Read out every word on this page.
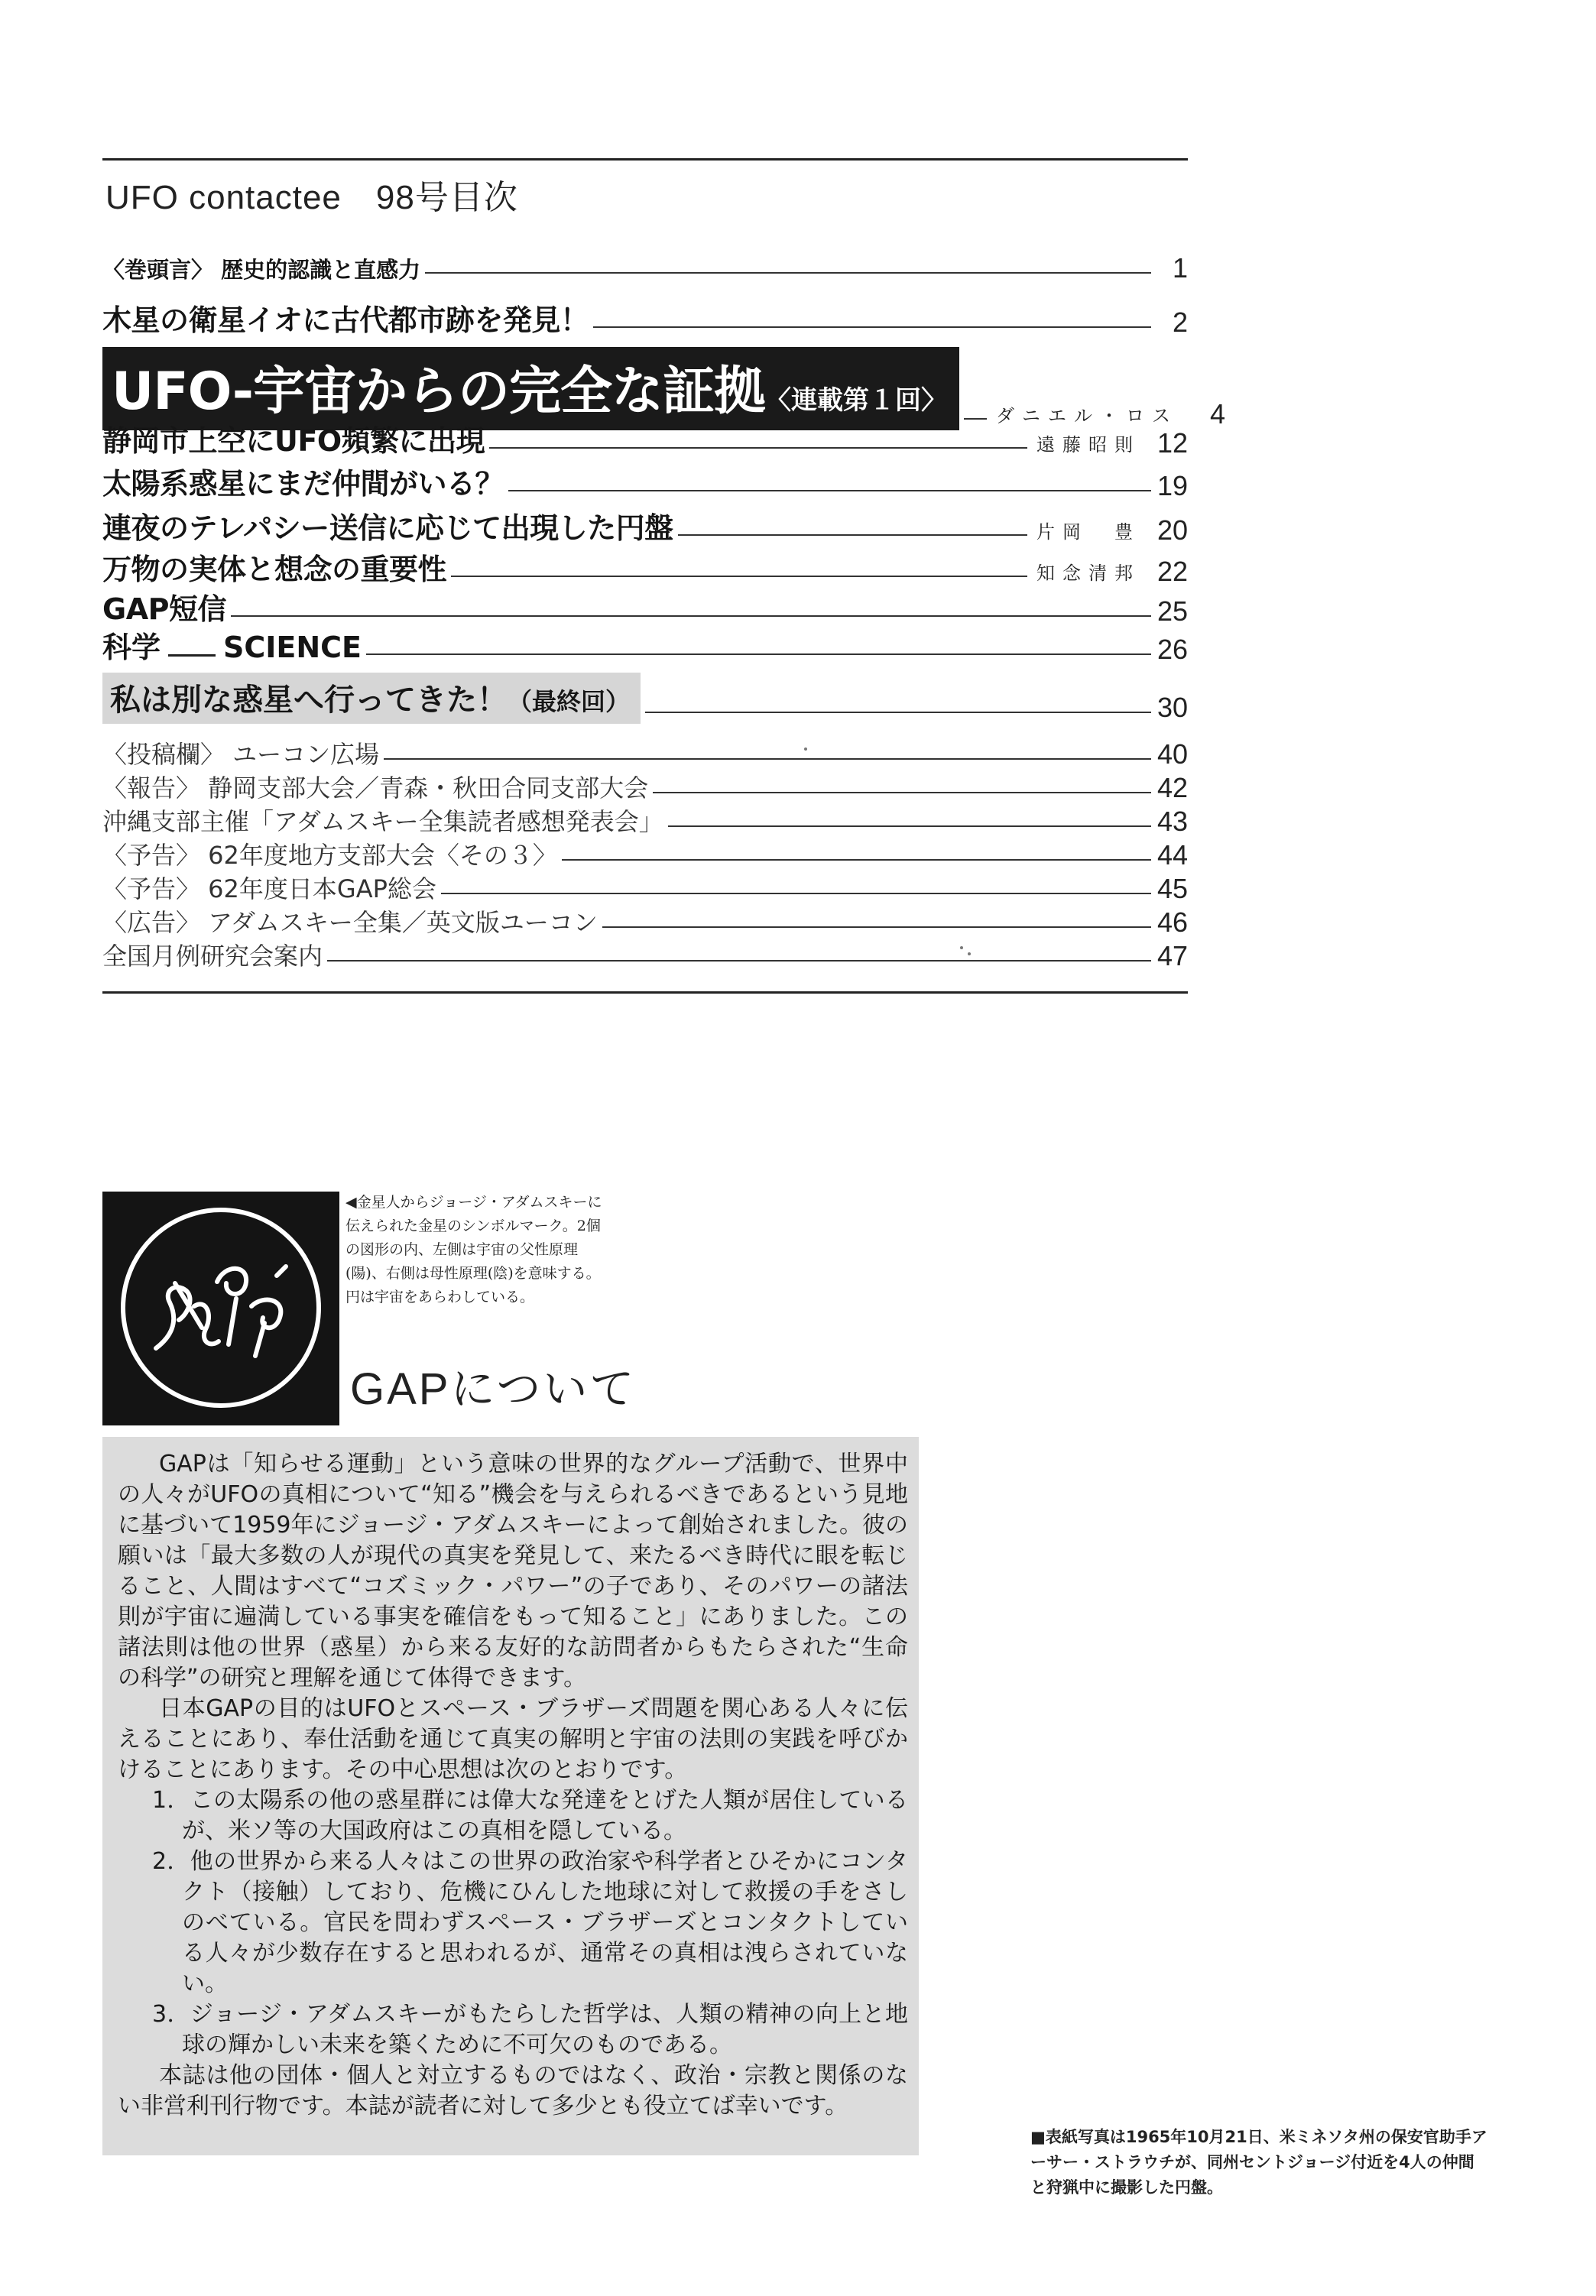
UFO contactee　98号目次
〈巻頭言〉 歴史的認識と直感力	1
木星の衛星イオに古代都市跡を発見！	2
UFO-宇宙からの完全な証拠〈連載第１回〉	ダニエル・ロス	4
静岡市上空にUFO頻繁に出現	遠藤昭則 12
太陽系惑星にまだ仲間がいる？	19
連夜のテレパシー送信に応じて出現した円盤	片岡　豊 20
万物の実体と想念の重要性	知念清邦 22
GAP短信	25
科学 SCIENCE	26
私は別な惑星へ行ってきた！（最終回）	30
〈投稿欄〉 ユーコン広場	40
〈報告〉 静岡支部大会／青森・秋田合同支部大会	42
沖縄支部主催「アダムスキー全集読者感想発表会」	43
〈予告〉 62年度地方支部大会〈その３〉	44
〈予告〉 62年度日本GAP総会	45
〈広告〉 アダムスキー全集／英文版ユーコン	46
全国月例研究会案内	47
◀金星人からジョージ・アダムスキーに伝えられた金星のシンボルマーク。2個の図形の内、左側は宇宙の父性原理(陽)、右側は母性原理(陰)を意味する。円は宇宙をあらわしている。
GAPについて

GAPは「知らせる運動」という意味の世界的なグループ活動で、世界中の人々がUFOの真相について“知る”機会を与えられるべきであるという見地に基づいて1959年にジョージ・アダムスキーによって創始されました。彼の願いは「最大多数の人が現代の真実を発見して、来たるべき時代に眼を転じること、人間はすべて“コズミック・パワー”の子であり、そのパワーの諸法則が宇宙に遍満している事実を確信をもって知ること」にありました。この諸法則は他の世界（惑星）から来る友好的な訪問者からもたらされた“生命の科学”の研究と理解を通じて体得できます。

日本GAPの目的はUFOとスペース・ブラザーズ問題を関心ある人々に伝えることにあり、奉仕活動を通じて真実の解明と宇宙の法則の実践を呼びかけることにあります。その中心思想は次のとおりです。

1．この太陽系の他の惑星群には偉大な発達をとげた人類が居住しているが、米ソ等の大国政府はこの真相を隠している。

2．他の世界から来る人々はこの世界の政治家や科学者とひそかにコンタクト（接触）しており、危機にひんした地球に対して救援の手をさしのべている。官民を問わずスペース・ブラザーズとコンタクトしている人々が少数存在すると思われるが、通常その真相は洩らされていない。

3．ジョージ・アダムスキーがもたらした哲学は、人類の精神の向上と地球の輝かしい未来を築くために不可欠のものである。

本誌は他の団体・個人と対立するものではなく、政治・宗教と関係のない非営利刊行物です。本誌が読者に対して多少とも役立てば幸いです。

■表紙写真は1965年10月21日、米ミネソタ州の保安官助手アーサー・ストラウチが、同州セントジョージ付近を4人の仲間と狩猟中に撮影した円盤。
